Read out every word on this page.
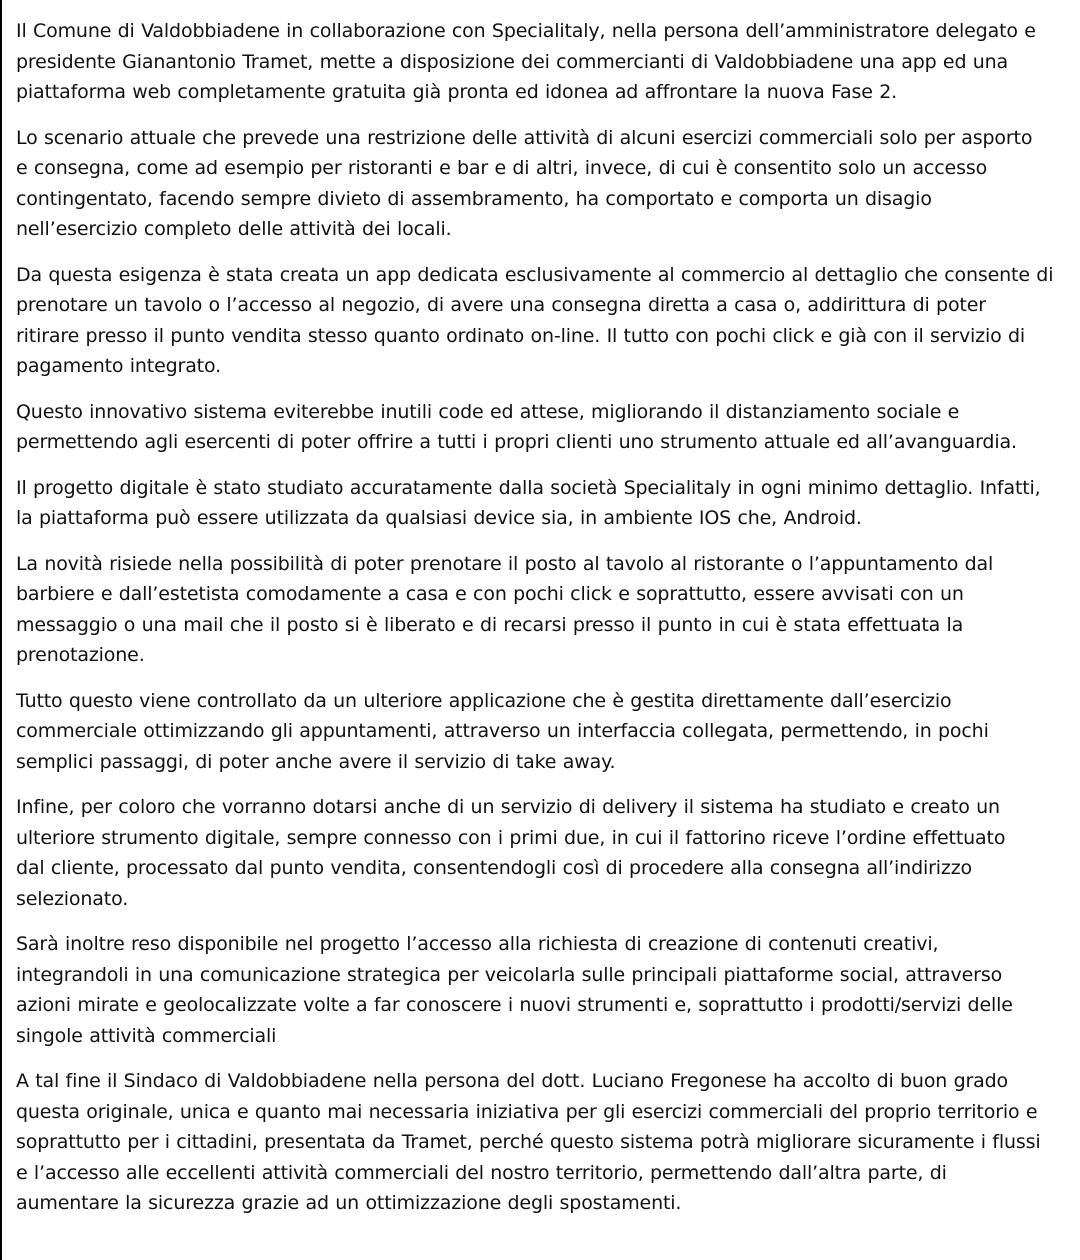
Il Comune di Valdobbiadene in collaborazione con Specialitaly, nella persona dell’amministratore delegato e
presidente Gianantonio Tramet, mette a disposizione dei commercianti di Valdobbiadene una app ed una
piattaforma web completamente gratuita già pronta ed idonea ad affrontare la nuova Fase 2.

Lo scenario attuale che prevede una restrizione delle attività di alcuni esercizi commerciali solo per asporto
e consegna, come ad esempio per ristoranti e bar e di altri, invece, di cui è consentito solo un accesso
contingentato, facendo sempre divieto di assembramento, ha comportato e comporta un disagio
nell’esercizio completo delle attività dei locali.

Da questa esigenza è stata creata un app dedicata esclusivamente al commercio al dettaglio che consente di
prenotare un tavolo o l’accesso al negozio, di avere una consegna diretta a casa o, addirittura di poter
ritirare presso il punto vendita stesso quanto ordinato on-line. Il tutto con pochi click e già con il servizio di
pagamento integrato.

Questo innovativo sistema eviterebbe inutili code ed attese, migliorando il distanziamento sociale e
permettendo agli esercenti di poter offrire a tutti i propri clienti uno strumento attuale ed all’avanguardia.

Il progetto digitale è stato studiato accuratamente dalla società Specialitaly in ogni minimo dettaglio. Infatti,
la piattaforma può essere utilizzata da qualsiasi device sia, in ambiente IOS che, Android.

La novità risiede nella possibilità di poter prenotare il posto al tavolo al ristorante o l’appuntamento dal
barbiere e dall’estetista comodamente a casa e con pochi click e soprattutto, essere avvisati con un
messaggio o una mail che il posto si è liberato e di recarsi presso il punto in cui è stata effettuata la
prenotazione.

Tutto questo viene controllato da un ulteriore applicazione che è gestita direttamente dall’esercizio
commerciale ottimizzando gli appuntamenti, attraverso un interfaccia collegata, permettendo, in pochi
semplici passaggi, di poter anche avere il servizio di take away.

Infine, per coloro che vorranno dotarsi anche di un servizio di delivery il sistema ha studiato e creato un
ulteriore strumento digitale, sempre connesso con i primi due, in cui il fattorino riceve l’ordine effettuato
dal cliente, processato dal punto vendita, consentendogli così di procedere alla consegna all’indirizzo
selezionato.

Sarà inoltre reso disponibile nel progetto l’accesso alla richiesta di creazione di contenuti creativi,
integrandoli in una comunicazione strategica per veicolarla sulle principali piattaforme social, attraverso
azioni mirate e geolocalizzate volte a far conoscere i nuovi strumenti e, soprattutto i prodotti/servizi delle
singole attività commerciali

A tal fine il Sindaco di Valdobbiadene nella persona del dott. Luciano Fregonese ha accolto di buon grado
questa originale, unica e quanto mai necessaria iniziativa per gli esercizi commerciali del proprio territorio e
soprattutto per i cittadini, presentata da Tramet, perché questo sistema potrà migliorare sicuramente i flussi
e l’accesso alle eccellenti attività commerciali del nostro territorio, permettendo dall’altra parte, di
aumentare la sicurezza grazie ad un ottimizzazione degli spostamenti.
